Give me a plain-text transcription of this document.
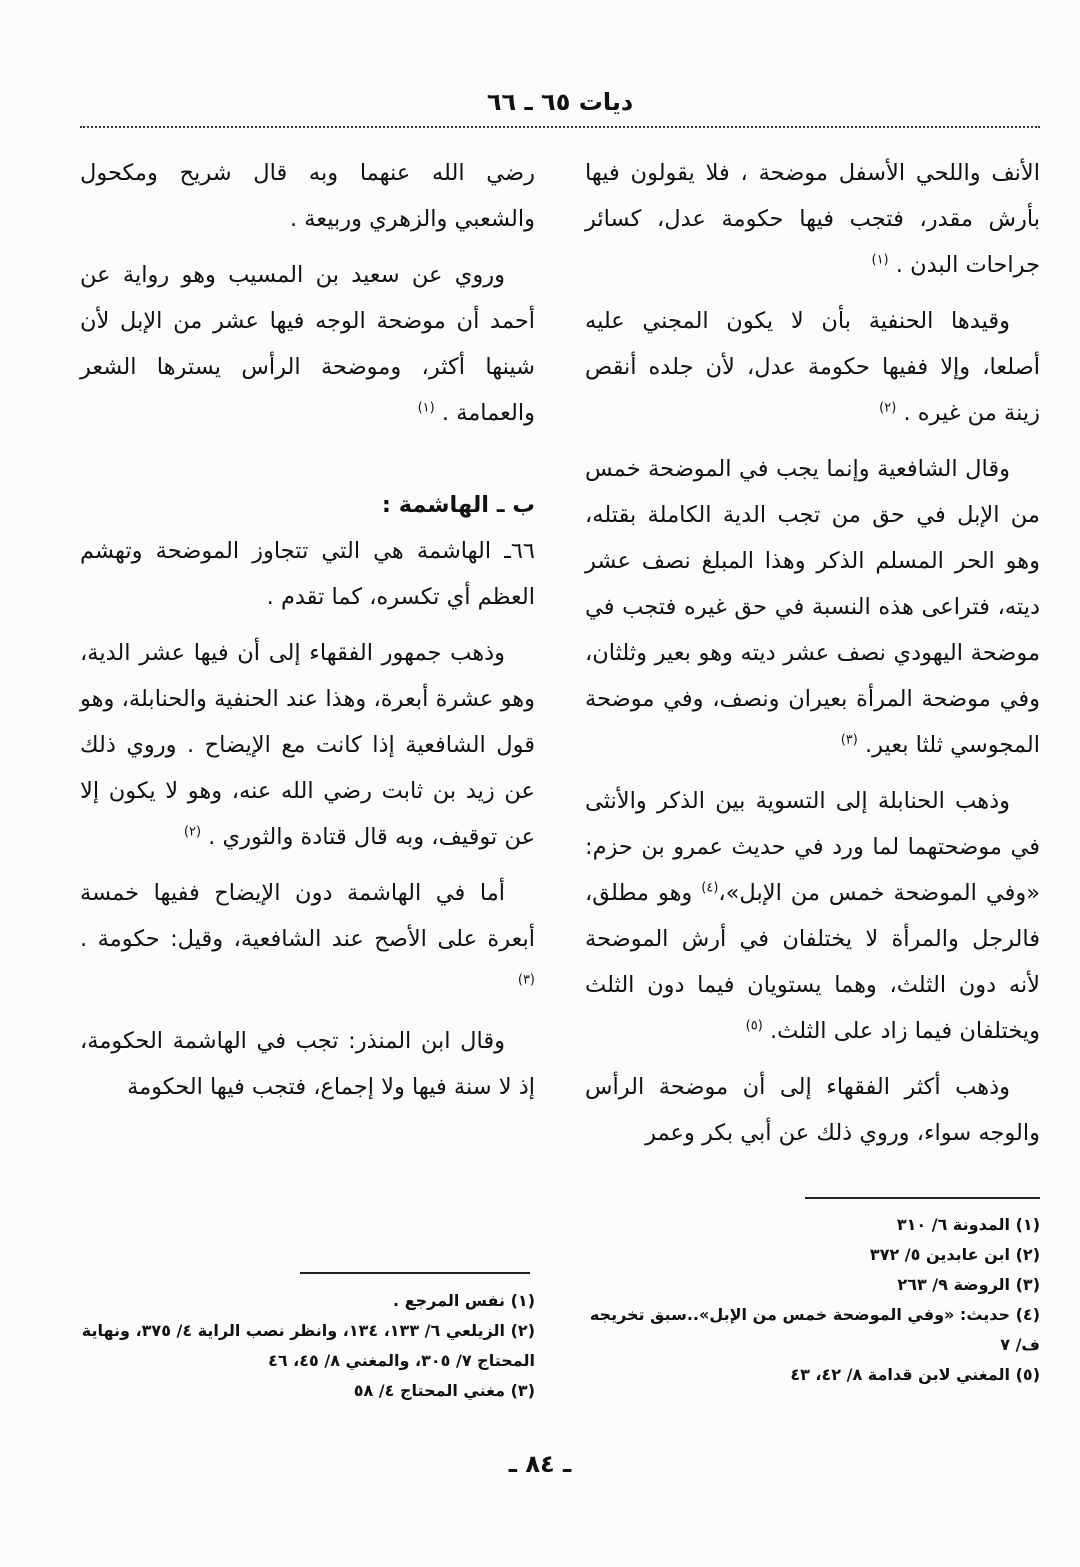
ديات ٦٥ ـ ٦٦

الأنف واللحي الأسفل موضحة ، فلا يقولون فيها بأرش مقدر، فتجب فيها حكومة عدل، كسائر جراحات البدن . $^{(١)}$

وقيدها الحنفية بأن لا يكون المجني عليه أصلعا، وإلا ففيها حكومة عدل، لأن جلده أنقص زينة من غيره . $^{(٢)}$

وقال الشافعية وإنما يجب في الموضحة خمس من الإبل في حق من تجب الدية الكاملة بقتله، وهو الحر المسلم الذكر وهذا المبلغ نصف عشر ديته، فتراعى هذه النسبة في حق غيره فتجب في موضحة اليهودي نصف عشر ديته وهو بعير وثلثان، وفي موضحة المرأة بعيران ونصف، وفي موضحة المجوسي ثلثا بعير. $^{(٣)}$

وذهب الحنابلة إلى التسوية بين الذكر والأنثى في موضحتهما لما ورد في حديث عمرو بن حزم: «وفي الموضحة خمس من الإبل»،$^{(٤)}$ وهو مطلق، فالرجل والمرأة لا يختلفان في أرش الموضحة لأنه دون الثلث، وهما يستويان فيما دون الثلث ويختلفان فيما زاد على الثلث. $^{(٥)}$

وذهب أكثر الفقهاء إلى أن موضحة الرأس والوجه سواء، وروي ذلك عن أبي بكر وعمر

رضي الله عنهما وبه قال شريح ومكحول والشعبي والزهري وربيعة .

وروي عن سعيد بن المسيب وهو رواية عن أحمد أن موضحة الوجه فيها عشر من الإبل لأن شينها أكثر، وموضحة الرأس يسترها الشعر والعمامة . $^{(١)}$

ب ـ الهاشمة :

٦٦ـ الهاشمة هي التي تتجاوز الموضحة وتهشم العظم أي تكسره، كما تقدم .

وذهب جمهور الفقهاء إلى أن فيها عشر الدية، وهو عشرة أبعرة، وهذا عند الحنفية والحنابلة، وهو قول الشافعية إذا كانت مع الإيضاح . وروي ذلك عن زيد بن ثابت رضي الله عنه، وهو لا يكون إلا عن توقيف، وبه قال قتادة والثوري . $^{(٢)}$

أما في الهاشمة دون الإيضاح ففيها خمسة أبعرة على الأصح عند الشافعية، وقيل: حكومة . $^{(٣)}$

وقال ابن المنذر: تجب في الهاشمة الحكومة، إذ لا سنة فيها ولا إجماع، فتجب فيها الحكومة

(١) المدونة ٦/ ٣١٠
(٢) ابن عابدين ٥/ ٣٧٢
(٣) الروضة ٩/ ٢٦٣
(٤) حديث: «وفي الموضحة خمس من الإبل»..سبق تخريجه ف/ ٧
(٥) المغني لابن قدامة ٨/ ٤٢، ٤٣
(١) نفس المرجع .
(٢) الزيلعي ٦/ ١٣٣، ١٣٤، وانظر نصب الراية ٤/ ٣٧٥، ونهاية المحتاج ٧/ ٣٠٥، والمغني ٨/ ٤٥، ٤٦
(٣) مغني المحتاج ٤/ ٥٨
ـ ٨٤ ـ
